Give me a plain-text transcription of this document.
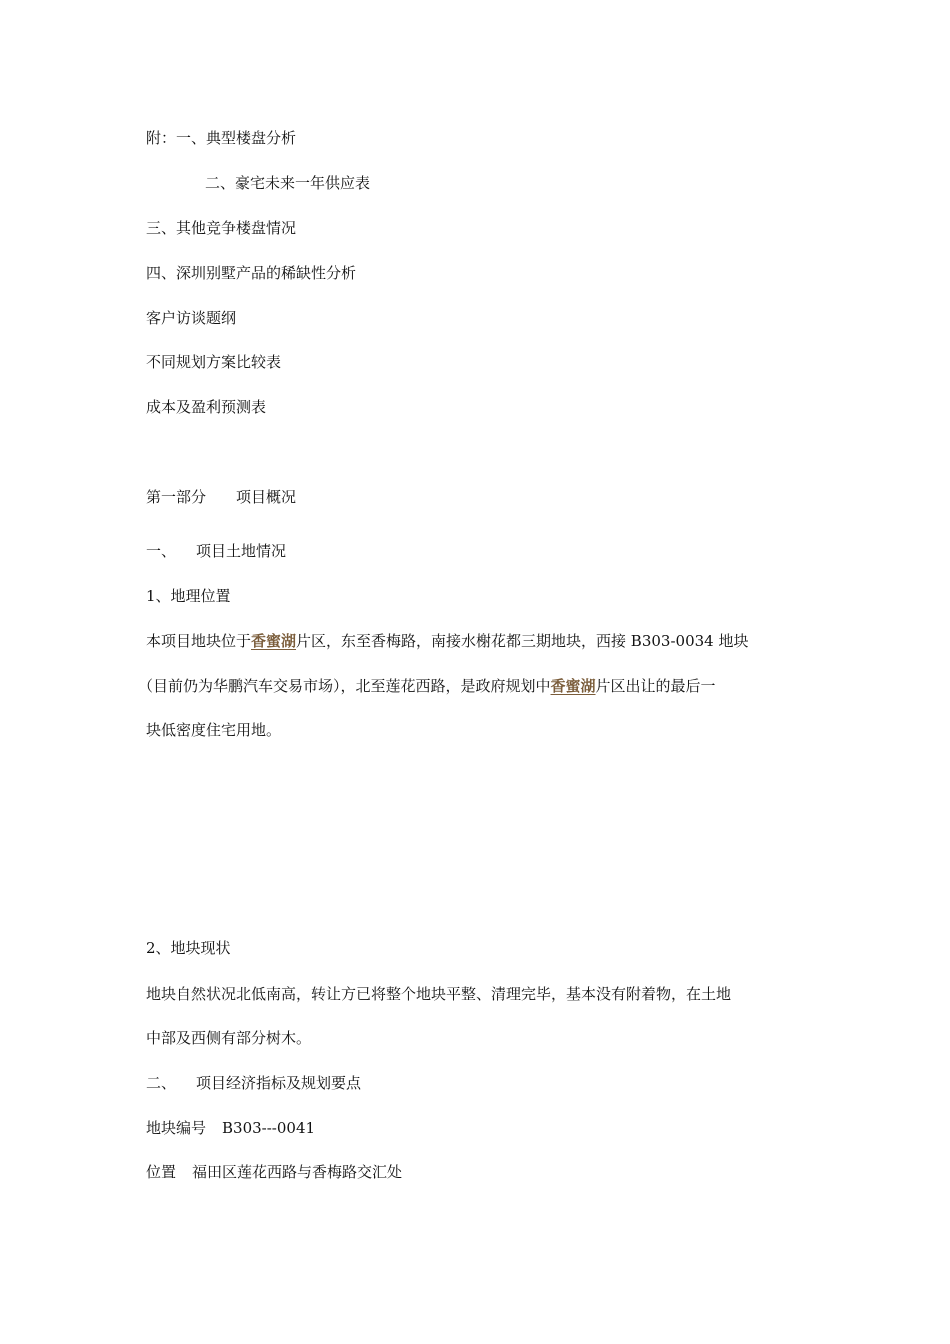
附：一、典型楼盘分析
二、豪宅未来一年供应表
三、其他竞争楼盘情况
四、深圳别墅产品的稀缺性分析
客户访谈题纲
不同规划方案比较表
成本及盈利预测表
第一部分 项目概况
一、 项目土地情况
1、地理位置
本项目地块位于香蜜湖片区，东至香梅路，南接水榭花都三期地块，西接 B303-0034 地块
（目前仍为华鹏汽车交易市场），北至莲花西路，是政府规划中香蜜湖片区出让的最后一
块低密度住宅用地。
2、地块现状
地块自然状况北低南高，转让方已将整个地块平整、清理完毕，基本没有附着物，在土地
中部及西侧有部分树木。
二、 项目经济指标及规划要点
地块编号 B303---0041
位置 福田区莲花西路与香梅路交汇处
